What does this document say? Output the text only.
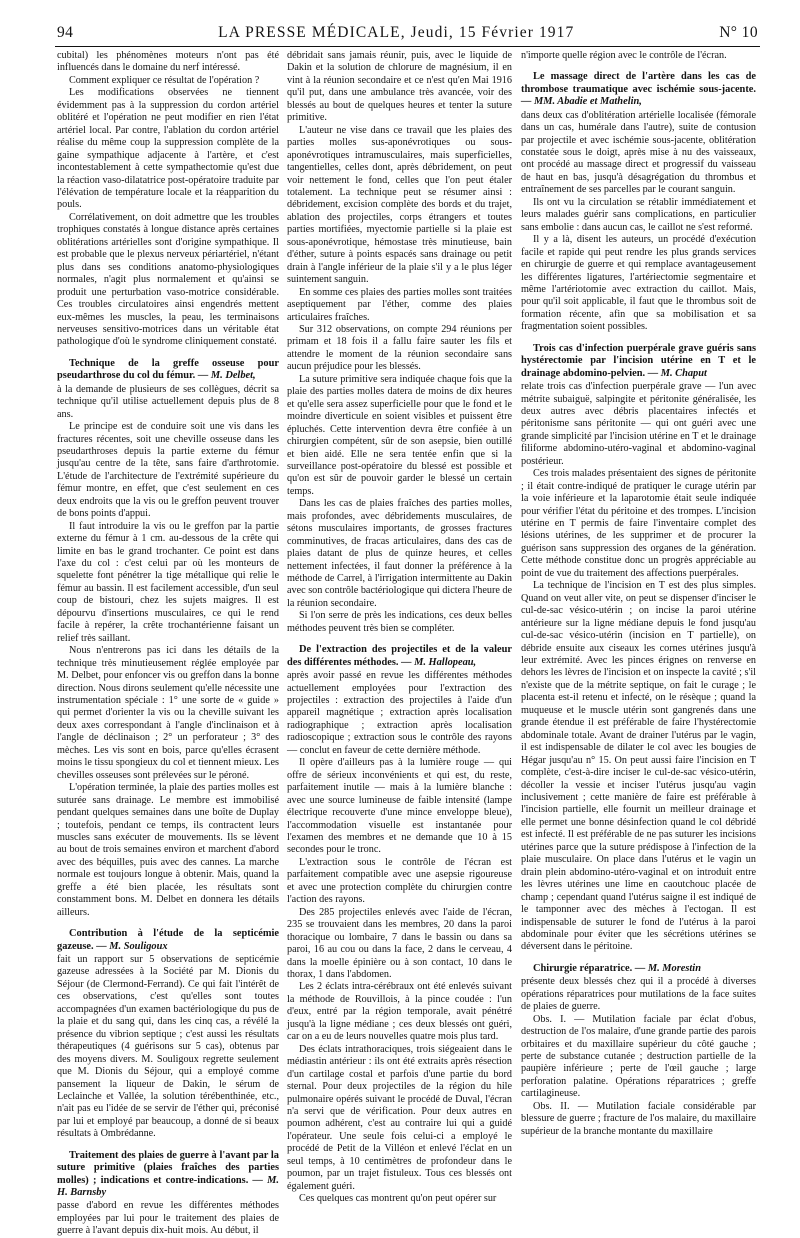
94	LA PRESSE MÉDICALE, Jeudi, 15 Février 1917	N° 10

cubital) les phénomènes moteurs n'ont pas été influencés dans le domaine du nerf intéressé.

Comment expliquer ce résultat de l'opération ?

Les modifications observées ne tiennent évidemment pas à la suppression du cordon artériel oblitéré et l'opération ne peut modifier en rien l'état artériel local. Par contre, l'ablation du cordon artériel réalise du même coup la suppression complète de la gaine sympathique adjacente à l'artère, et c'est incontestablement à cette sympathectomie qu'est due la réaction vaso-dilatatrice post-opératoire traduite par l'élévation de température locale et la réapparition du pouls.

Corrélativement, on doit admettre que les troubles trophiques constatés à longue distance après certaines oblitérations artérielles sont d'origine sympathique. Il est probable que le plexus nerveux périartériel, n'étant plus dans ses conditions anatomo-physiologiques normales, n'agit plus normalement et qu'ainsi se produit une perturbation vaso-motrice considérable. Ces troubles circulatoires ainsi engendrés mettent eux-mêmes les muscles, la peau, les terminaisons nerveuses sensitivo-motrices dans un véritable état pathologique d'où le syndrome cliniquement constaté.

Technique de la greffe osseuse pour pseudarthrose du col du fémur. — M. Delbet,

à la demande de plusieurs de ses collègues, décrit sa technique qu'il utilise actuellement depuis plus de 8 ans.

Le principe est de conduire soit une vis dans les fractures récentes, soit une cheville osseuse dans les pseudarthroses depuis la partie externe du fémur jusqu'au centre de la tête, sans faire d'arthrotomie. L'étude de l'architecture de l'extrémité supérieure du fémur montre, en effet, que c'est seulement en ces deux endroits que la vis ou le greffon peuvent trouver de bons points d'appui.

Il faut introduire la vis ou le greffon par la partie externe du fémur à 1 cm. au-dessous de la crête qui limite en bas le grand trochanter. Ce point est dans l'axe du col : c'est celui par où les monteurs de squelette font pénétrer la tige métallique qui relie le fémur au bassin. Il est facilement accessible, d'un seul coup de bistouri, chez les sujets maigres. Il est dépourvu d'insertions musculaires, ce qui le rend facile à repérer, la crête trochantérienne faisant un relief très saillant.

Nous n'entrerons pas ici dans les détails de la technique très minutieusement réglée employée par M. Delbet, pour enfoncer vis ou greffon dans la bonne direction. Nous dirons seulement qu'elle nécessite une instrumentation spéciale : 1° une sorte de « guide » qui permet d'orienter la vis ou la cheville suivant les deux axes correspondant à l'angle d'inclinaison et à l'angle de déclinaison ; 2° un perforateur ; 3° des mèches. Les vis sont en bois, parce qu'elles écrasent moins le tissu spongieux du col et tiennent mieux. Les chevilles osseuses sont prélevées sur le péroné.

L'opération terminée, la plaie des parties molles est suturée sans drainage. Le membre est immobilisé pendant quelques semaines dans une boîte de Duplay ; toutefois, pendant ce temps, ils contractent leurs muscles sans exécuter de mouvements. Ils se lèvent au bout de trois semaines environ et marchent d'abord avec des béquilles, puis avec des cannes. La marche normale est toujours longue à obtenir. Mais, quand la greffe a été bien placée, les résultats sont constamment bons. M. Delbet en donnera les détails ailleurs.

Contribution à l'étude de la septicémie gazeuse. — M. Souligoux

fait un rapport sur 5 observations de septicémie gazeuse adressées à la Société par M. Dionis du Séjour (de Clermond-Ferrand). Ce qui fait l'intérêt de ces observations, c'est qu'elles sont toutes accompagnées d'un examen bactériologique du pus de la plaie et du sang qui, dans les cinq cas, a révélé la présence du vibrion septique ; c'est aussi les résultats thérapeutiques (4 guérisons sur 5 cas), obtenus par des moyens divers. M. Souligoux regrette seulement que M. Dionis du Séjour, qui a employé comme pansement la liqueur de Dakin, le sérum de Leclainche et Vallée, la solution térébenthinée, etc., n'ait pas eu l'idée de se servir de l'éther qui, préconisé par lui et employé par beaucoup, a donné de si beaux résultats à Ombrédanne.

Traitement des plaies de guerre à l'avant par la suture primitive (plaies fraîches des parties molles) ; indications et contre-indications. — M. H. Barnsby

passe d'abord en revue les différentes méthodes employées par lui pour le traitement des plaies de guerre à l'avant depuis dix-huit mois. Au début, il

débridait sans jamais réunir, puis, avec le liquide de Dakin et la solution de chlorure de magnésium, il en vint à la réunion secondaire et ce n'est qu'en Mai 1916 qu'il put, dans une ambulance très avancée, voir des blessés au bout de quelques heures et tenter la suture primitive.

L'auteur ne vise dans ce travail que les plaies des parties molles sus-aponévrotiques ou sous-aponévrotiques intramusculaires, mais superficielles, tangentielles, celles dont, après débridement, on peut voir nettement le fond, celles que l'on peut étaler totalement. La technique peut se résumer ainsi : débridement, excision complète des bords et du trajet, ablation des projectiles, corps étrangers et toutes parties mortifiées, myectomie partielle si la plaie est sous-aponévrotique, hémostase très minutieuse, bain d'éther, suture à points espacés sans drainage ou petit drain à l'angle inférieur de la plaie s'il y a le plus léger suintement sanguin.

En somme ces plaies des parties molles sont traitées aseptiquement par l'éther, comme des plaies articulaires fraîches.

Sur 312 observations, on compte 294 réunions per primam et 18 fois il a fallu faire sauter les fils et attendre le moment de la réunion secondaire sans aucun préjudice pour les blessés.

La suture primitive sera indiquée chaque fois que la plaie des parties molles datera de moins de dix heures et qu'elle sera assez superficielle pour que le fond et le moindre diverticule en soient visibles et puissent être épluchés. Cette intervention devra être confiée à un chirurgien compétent, sûr de son asepsie, bien outillé et bien aidé. Elle ne sera tentée enfin que si la surveillance post-opératoire du blessé est possible et qu'on est sûr de pouvoir garder le blessé un certain temps.

Dans les cas de plaies fraîches des parties molles, mais profondes, avec débridements musculaires, de sétons musculaires importants, de grosses fractures comminutives, de fracas articulaires, dans des cas de plaies datant de plus de quinze heures, et celles nettement infectées, il faut donner la préférence à la méthode de Carrel, à l'irrigation intermittente au Dakin avec son contrôle bactériologique qui dictera l'heure de la réunion secondaire.

Si l'on serre de près les indications, ces deux belles méthodes peuvent très bien se compléter.

De l'extraction des projectiles et de la valeur des différentes méthodes. — M. Hallopeau,

après avoir passé en revue les différentes méthodes actuellement employées pour l'extraction des projectiles : extraction des projectiles à l'aide d'un appareil magnétique ; extraction après localisation radiographique ; extraction après localisation radioscopique ; extraction sous le contrôle des rayons — conclut en faveur de cette dernière méthode.

Il opère d'ailleurs pas à la lumière rouge — qui offre de sérieux inconvénients et qui est, du reste, parfaitement inutile — mais à la lumière blanche : avec une source lumineuse de faible intensité (lampe électrique recouverte d'une mince enveloppe bleue), l'accommodation visuelle est instantanée pour l'examen des membres et ne demande que 10 à 15 secondes pour le tronc.

L'extraction sous le contrôle de l'écran est parfaitement compatible avec une asepsie rigoureuse et avec une protection complète du chirurgien contre l'action des rayons.

Des 285 projectiles enlevés avec l'aide de l'écran, 235 se trouvaient dans les membres, 20 dans la paroi thoracique ou lombaire, 7 dans le bassin ou dans sa paroi, 16 au cou ou dans la face, 2 dans le cerveau, 4 dans la moelle épinière ou à son contact, 10 dans le thorax, 1 dans l'abdomen.

Les 2 éclats intra-cérébraux ont été enlevés suivant la méthode de Rouvillois, à la pince coudée : l'un d'eux, entré par la région temporale, avait pénétré jusqu'à la ligne médiane ; ces deux blessés ont guéri, car on a eu de leurs nouvelles quatre mois plus tard.

Des éclats intrathoraciques, trois siégeaient dans le médiastin antérieur : ils ont été extraits après résection d'un cartilage costal et parfois d'une partie du bord sternal. Pour deux projectiles de la région du hile pulmonaire opérés suivant le procédé de Duval, l'écran n'a servi que de vérification. Pour deux autres en poumon adhérent, c'est au contraire lui qui a guidé l'opérateur. Une seule fois celui-ci a employé le procédé de Petit de la Villéon et enlevé l'éclat en un seul temps, à 10 centimètres de profondeur dans le poumon, par un trajet fistuleux. Tous ces blessés ont également guéri.

Ces quelques cas montrent qu'on peut opérer sur

n'importe quelle région avec le contrôle de l'écran.

Le massage direct de l'artère dans les cas de thrombose traumatique avec ischémie sous-jacente. — MM. Abadie et Mathelin,

dans deux cas d'oblitération artérielle localisée (fémorale dans un cas, humérale dans l'autre), suite de contusion par projectile et avec ischémie sous-jacente, oblitération constatée sous le doigt, après mise à nu des vaisseaux, ont procédé au massage direct et progressif du vaisseau de haut en bas, jusqu'à désagrégation du thrombus et entraînement de ses parcelles par le courant sanguin.

Ils ont vu la circulation se rétablir immédiatement et leurs malades guérir sans complications, en particulier sans embolie : dans aucun cas, le caillot ne s'est reformé.

Il y a là, disent les auteurs, un procédé d'exécution facile et rapide qui peut rendre les plus grands services en chirurgie de guerre et qui remplace avantageusement les différentes ligatures, l'artériectomie segmentaire et même l'artériotomie avec extraction du caillot. Mais, pour qu'il soit applicable, il faut que le thrombus soit de formation récente, afin que sa mobilisation et sa fragmentation soient possibles.

Trois cas d'infection puerpérale grave guéris sans hystérectomie par l'incision utérine en T et le drainage abdomino-pelvien. — M. Chaput

relate trois cas d'infection puerpérale grave — l'un avec métrite subaiguë, salpingite et péritonite généralisée, les deux autres avec débris placentaires infectés et péritonisme sans péritonite — qui ont guéri avec une grande simplicité par l'incision utérine en T et le drainage filiforme abdomino-utéro-vaginal et abdomino-vaginal postérieur.

Ces trois malades présentaient des signes de péritonite ; il était contre-indiqué de pratiquer le curage utérin par la voie inférieure et la laparotomie était seule indiquée pour vérifier l'état du péritoine et des trompes. L'incision utérine en T permis de faire l'inventaire complet des lésions utérines, de les supprimer et de procurer la guérison sans suppression des organes de la génération. Cette méthode constitue donc un progrès appréciable au point de vue du traitement des affections puerpérales.

La technique de l'incision en T est des plus simples. Quand on veut aller vite, on peut se dispenser d'inciser le cul-de-sac vésico-utérin ; on incise la paroi utérine antérieure sur la ligne médiane depuis le fond jusqu'au cul-de-sac vésico-utérin (incision en T partielle), on débride ensuite aux ciseaux les cornes utérines jusqu'à leur extrémité. Avec les pinces érignes on renverse en dehors les lèvres de l'incision et on inspecte la cavité ; s'il n'existe que de la métrite septique, on fait le curage ; le placenta est-il retenu et infecté, on le résèque ; quand la muqueuse et le muscle utérin sont gangrenés dans une grande étendue il est préférable de faire l'hystérectomie abdominale totale. Avant de drainer l'utérus par le vagin, il est indispensable de dilater le col avec les bougies de Hégar jusqu'au n° 15. On peut aussi faire l'incision en T complète, c'est-à-dire inciser le cul-de-sac vésico-utérin, décoller la vessie et inciser l'utérus jusqu'au vagin inclusivement ; cette manière de faire est préférable à l'incision partielle, elle fournit un meilleur drainage et elle permet une bonne désinfection quand le col débridé est infecté. Il est préférable de ne pas suturer les incisions utérines parce que la suture prédispose à l'infection de la plaie musculaire. On place dans l'utérus et le vagin un drain plein abdomino-utéro-vaginal et on introduit entre les lèvres utérines une lime en caoutchouc placée de champ ; cependant quand l'utérus saigne il est indiqué de le tamponner avec des mèches à l'ectogan. Il est indispensable de suturer le fond de l'utérus à la paroi abdominale pour éviter que les sécrétions utérines se déversent dans le péritoine.

Chirurgie réparatrice. — M. Morestin

présente deux blessés chez qui il a procédé à diverses opérations réparatrices pour mutilations de la face suites de plaies de guerre.

Obs. I. — Mutilation faciale par éclat d'obus, destruction de l'os malaire, d'une grande partie des parois orbitaires et du maxillaire supérieur du côté gauche ; perte de substance cutanée ; destruction partielle de la paupière inférieure ; perte de l'œil gauche ; large perforation palatine. Opérations réparatrices ; greffe cartilagineuse.

Obs. II. — Mutilation faciale considérable par blessure de guerre ; fracture de l'os malaire, du maxillaire supérieur de la branche montante du maxillaire
